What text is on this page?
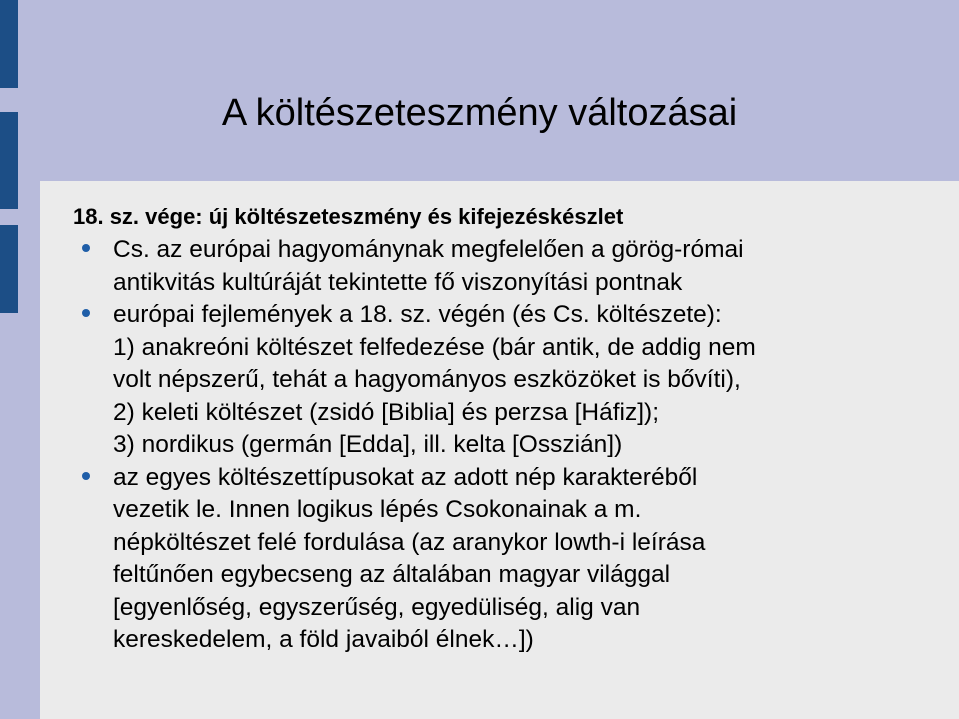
A költészeteszmény változásai

18. sz. vége: új költészeteszmény és kifejezéskészlet

Cs. az európai hagyománynak megfelelően a görög-római
antikvitás kultúráját tekintette fő viszonyítási pontnak
európai fejlemények a 18. sz. végén (és Cs. költészete):
1) anakreóni költészet felfedezése (bár antik, de addig nem
volt népszerű, tehát a hagyományos eszközöket is bővíti),
2) keleti költészet (zsidó [Biblia] és perzsa [Háfiz]);
3) nordikus (germán [Edda], ill. kelta [Osszián])
az egyes költészettípusokat az adott nép karakteréből
vezetik le. Innen logikus lépés Csokonainak a m.
népköltészet felé fordulása (az aranykor lowth-i leírása
feltűnően egybecseng az általában magyar világgal
[egyenlőség, egyszerűség, egyedüliség, alig van
kereskedelem, a föld javaiból élnek…])
